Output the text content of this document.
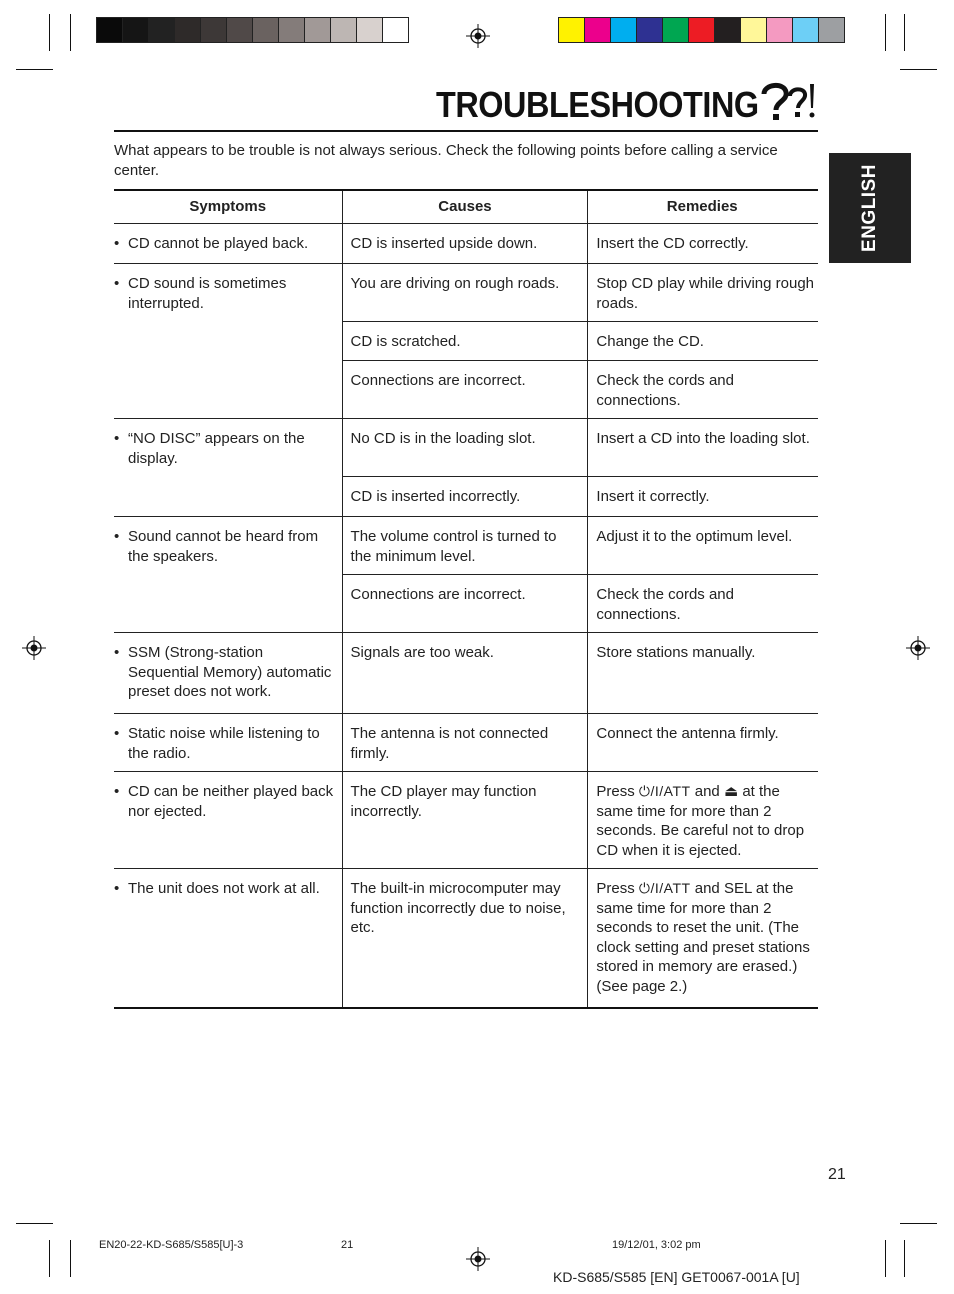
TROUBLESHOOTING
What appears to be trouble is not always serious. Check the following points before calling a service center.	ENGLISH
Symptoms	Causes	Remedies

• CD cannot be played back.	CD is inserted upside down.	Insert the CD correctly.

• CD sound is sometimes interrupted.	You are driving on rough roads.	Stop CD play while driving rough roads.
	CD is scratched.	Change the CD.
	Connections are incorrect.	Check the cords and connections.

• “NO DISC” appears on the display.	No CD is in the loading slot.	Insert a CD into the loading slot.
	CD is inserted incorrectly.	Insert it correctly.

• Sound cannot be heard from the speakers.	The volume control is turned to the minimum level.	Adjust it to the optimum level.
	Connections are incorrect.	Check the cords and connections.

• SSM (Strong-station Sequential Memory) automatic preset does not work.	Signals are too weak.	Store stations manually.

• Static noise while listening to the radio.	The antenna is not connected firmly.	Connect the antenna firmly.

• CD can be neither played back nor ejected.	The CD player may function incorrectly.	Press ⏻/I/ATT and ⏏ at the same time for more than 2 seconds. Be careful not to drop CD when it is ejected.

• The unit does not work at all.	The built-in microcomputer may function incorrectly due to noise, etc.	Press ⏻/I/ATT and SEL at the same time for more than 2 seconds to reset the unit. (The clock setting and preset stations stored in memory are erased.) (See page 2.)
21
EN20-22-KD-S685/S585[U]-3	21	19/12/01, 3:02 pm
KD-S685/S585 [EN] GET0067-001A [U]
